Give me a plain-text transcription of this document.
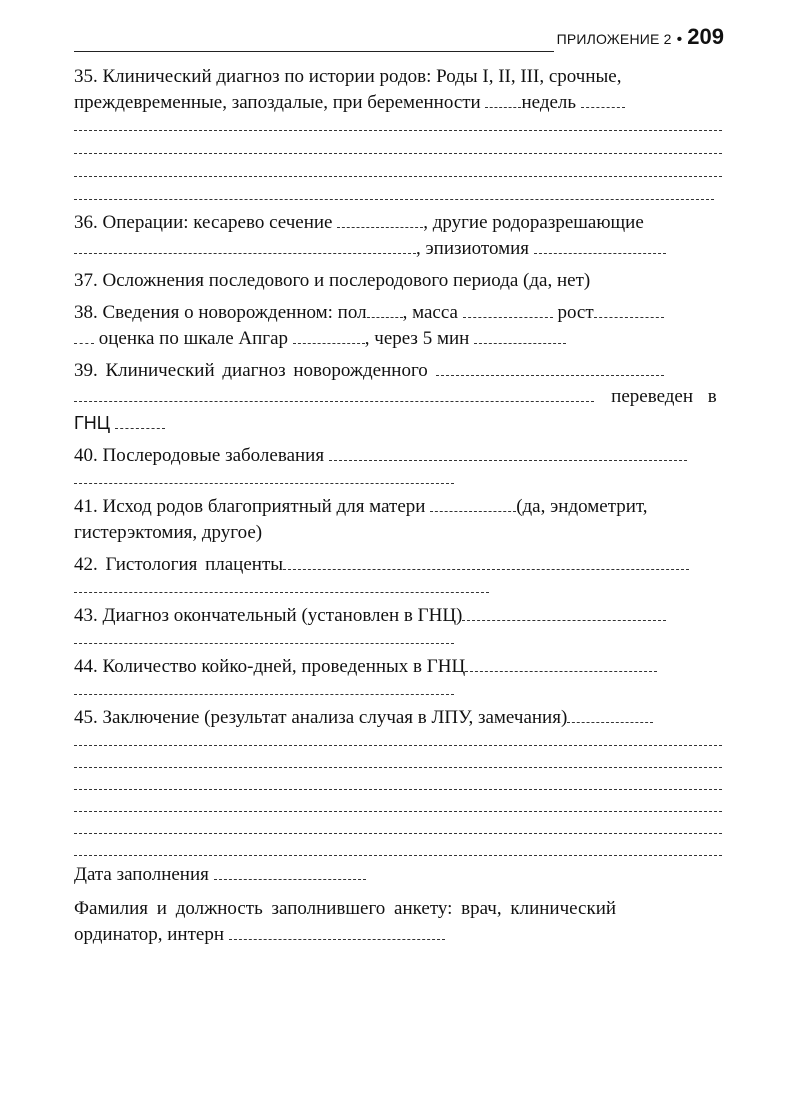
ПРИЛОЖЕНИЕ 2 • 209
35. Клинический диагноз по истории родов: Роды I, II, III, срочные,
преждевременные, запоздалые, при беременности недель
36. Операции: кесарево сечение	, другие родоразрешающие
, эпизиотомия
37. Осложнения последового и послеродового периода (да, нет)
38. Сведения о новорожденном: пол , масса	рост
оценка по шкале Апгар	, через 5 мин
39. Клинический диагноз новорожденного
переведен в
ГНЦ
40. Послеродовые заболевания
41. Исход родов благоприятный для матери	(да, эндометрит,
гистерэктомия, другое)
42. Гистология плаценты
43. Диагноз окончательный (установлен в ГНЦ)
44. Количество койко-дней, проведенных в ГНЦ
45. Заключение (результат анализа случая в ЛПУ, замечания)
Дата заполнения
Фамилия и должность заполнившего анкету: врач, клинический
ординатор, интерн
